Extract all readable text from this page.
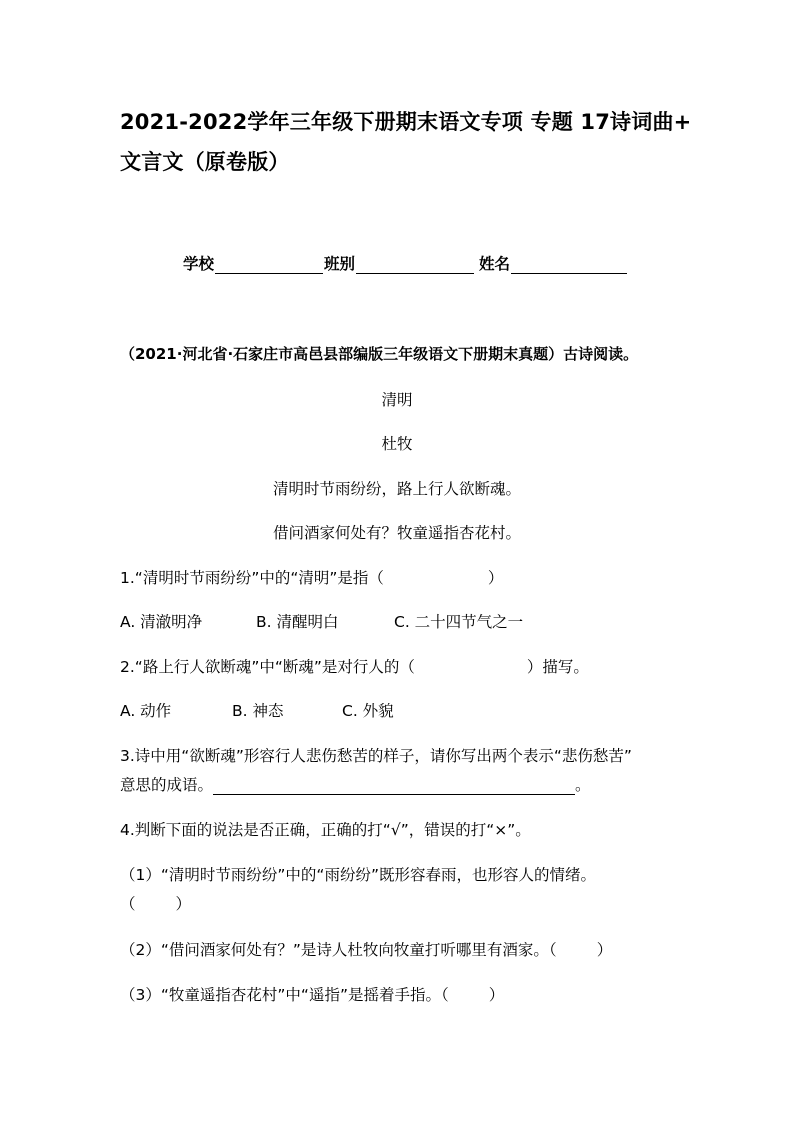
2021-2022学年三年级下册期末语文专项 专题 17诗词曲+
文言文（原卷版）
学校	班别	姓名
（2021·河北省·石家庄市高邑县部编版三年级语文下册期末真题）古诗阅读。
清明
杜牧
清明时节雨纷纷，路上行人欲断魂。
借问酒家何处有？牧童遥指杏花村。
1.“清明时节雨纷纷”中的“清明”是指（	）
A. 清澈明净	B. 清醒明白	C. 二十四节气之一
2.“路上行人欲断魂”中“断魂”是对行人的（	）描写。
A. 动作	B. 神态	C. 外貌
3.诗中用“欲断魂”形容行人悲伤愁苦的样子，请你写出两个表示“悲伤愁苦”
意思的成语。	。
4.判断下面的说法是否正确，正确的打“√”，错误的打“×”。
（1）“清明时节雨纷纷”中的“雨纷纷”既形容春雨，也形容人的情绪。
（	）
（2）“借问酒家何处有？”是诗人杜牧向牧童打听哪里有酒家。（	）
（3）“牧童遥指杏花村”中“遥指”是摇着手指。（	）
